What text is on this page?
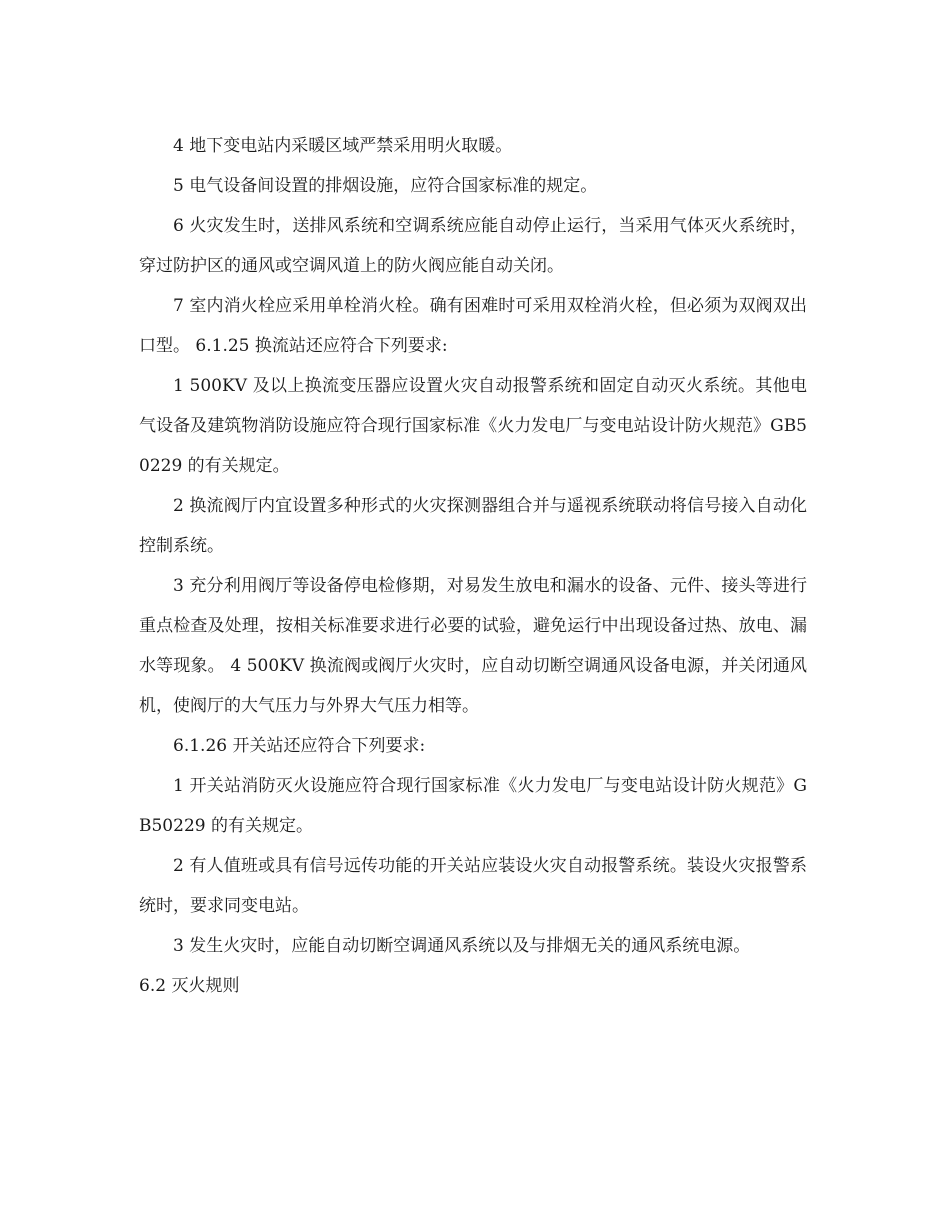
4 地下变电站内采暖区域严禁采用明火取暖。

5 电气设备间设置的排烟设施，应符合国家标准的规定。

6 火灾发生时，送排风系统和空调系统应能自动停止运行，当采用气体灭火系统时，穿过防护区的通风或空调风道上的防火阀应能自动关闭。

7 室内消火栓应采用单栓消火栓。确有困难时可采用双栓消火栓，但必须为双阀双出口型。 6.1.25 换流站还应符合下列要求:

1 500KV 及以上换流变压器应设置火灾自动报警系统和固定自动灭火系统。其他电气设备及建筑物消防设施应符合现行国家标准《火力发电厂与变电站设计防火规范》GB50229 的有关规定。

2 换流阀厅内宜设置多种形式的火灾探测器组合并与遥视系统联动将信号接入自动化控制系统。

3 充分利用阀厅等设备停电检修期，对易发生放电和漏水的设备、元件、接头等进行重点检查及处理，按相关标准要求进行必要的试验，避免运行中出现设备过热、放电、漏水等现象。 4 500KV 换流阀或阀厅火灾时，应自动切断空调通风设备电源，并关闭通风机，使阀厅的大气压力与外界大气压力相等。

6.1.26 开关站还应符合下列要求:

1 开关站消防灭火设施应符合现行国家标准《火力发电厂与变电站设计防火规范》GB50229 的有关规定。

2 有人值班或具有信号远传功能的开关站应装设火灾自动报警系统。装设火灾报警系统时，要求同变电站。

3 发生火灾时，应能自动切断空调通风系统以及与排烟无关的通风系统电源。

6.2 灭火规则
